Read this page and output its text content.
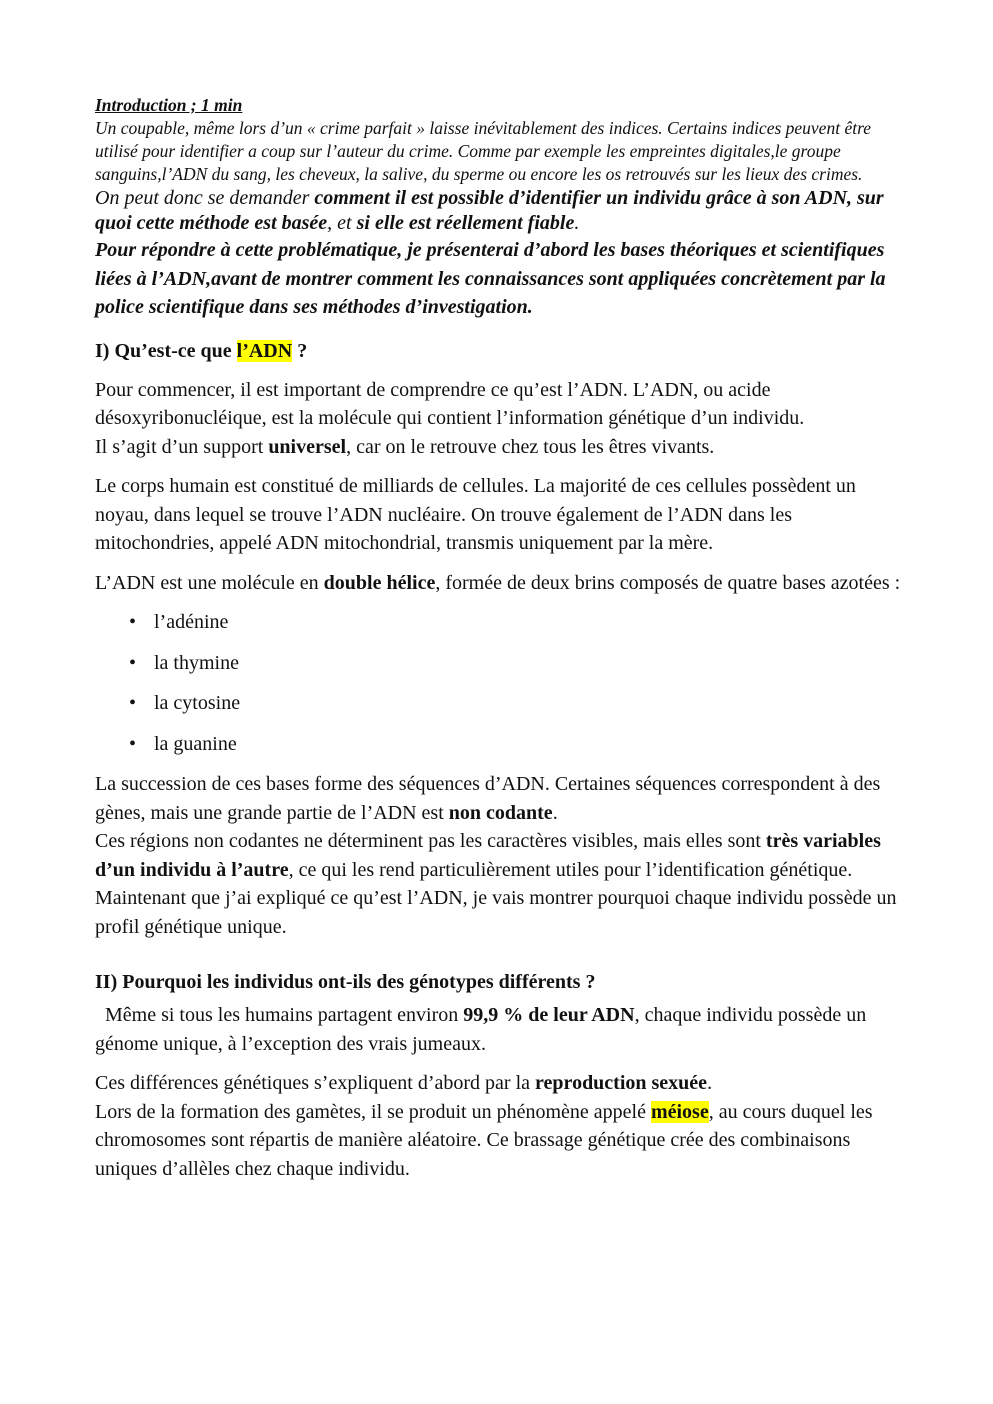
Introduction ; 1 min

Un coupable, même lors d’un « crime parfait » laisse inévitablement des indices. Certains indices peuvent être utilisé pour identifier a coup sur l’auteur du crime. Comme par exemple les empreintes digitales,le groupe sanguins,l’ADN du sang, les cheveux, la salive, du sperme ou encore les os retrouvés sur les lieux des crimes.

On peut donc se demander comment il est possible d’identifier un individu grâce à son ADN, sur quoi cette méthode est basée, et si elle est réellement fiable.

Pour répondre à cette problématique, je présenterai d’abord les bases théoriques et scientifiques liées à l’ADN,avant de montrer comment les connaissances sont appliquées concrètement par la police scientifique dans ses méthodes d’investigation.

I) Qu’est-ce que l’ADN ?

Pour commencer, il est important de comprendre ce qu’est l’ADN. L’ADN, ou acide désoxyribonucléique, est la molécule qui contient l’information génétique d’un individu.
Il s’agit d’un support universel, car on le retrouve chez tous les êtres vivants.

Le corps humain est constitué de milliards de cellules. La majorité de ces cellules possèdent un noyau, dans lequel se trouve l’ADN nucléaire. On trouve également de l’ADN dans les mitochondries, appelé ADN mitochondrial, transmis uniquement par la mère.

L’ADN est une molécule en double hélice, formée de deux brins composés de quatre bases azotées :

• l’adénine
• la thymine
• la cytosine
• la guanine

La succession de ces bases forme des séquences d’ADN. Certaines séquences correspondent à des gènes, mais une grande partie de l’ADN est non codante.
Ces régions non codantes ne déterminent pas les caractères visibles, mais elles sont très variables d’un individu à l’autre, ce qui les rend particulièrement utiles pour l’identification génétique. Maintenant que j’ai expliqué ce qu’est l’ADN, je vais montrer pourquoi chaque individu possède un profil génétique unique.

II) Pourquoi les individus ont-ils des génotypes différents ?

Même si tous les humains partagent environ 99,9 % de leur ADN, chaque individu possède un génome unique, à l’exception des vrais jumeaux.

Ces différences génétiques s’expliquent d’abord par la reproduction sexuée.
Lors de la formation des gamètes, il se produit un phénomène appelé méiose, au cours duquel les chromosomes sont répartis de manière aléatoire. Ce brassage génétique crée des combinaisons uniques d’allèles chez chaque individu.
